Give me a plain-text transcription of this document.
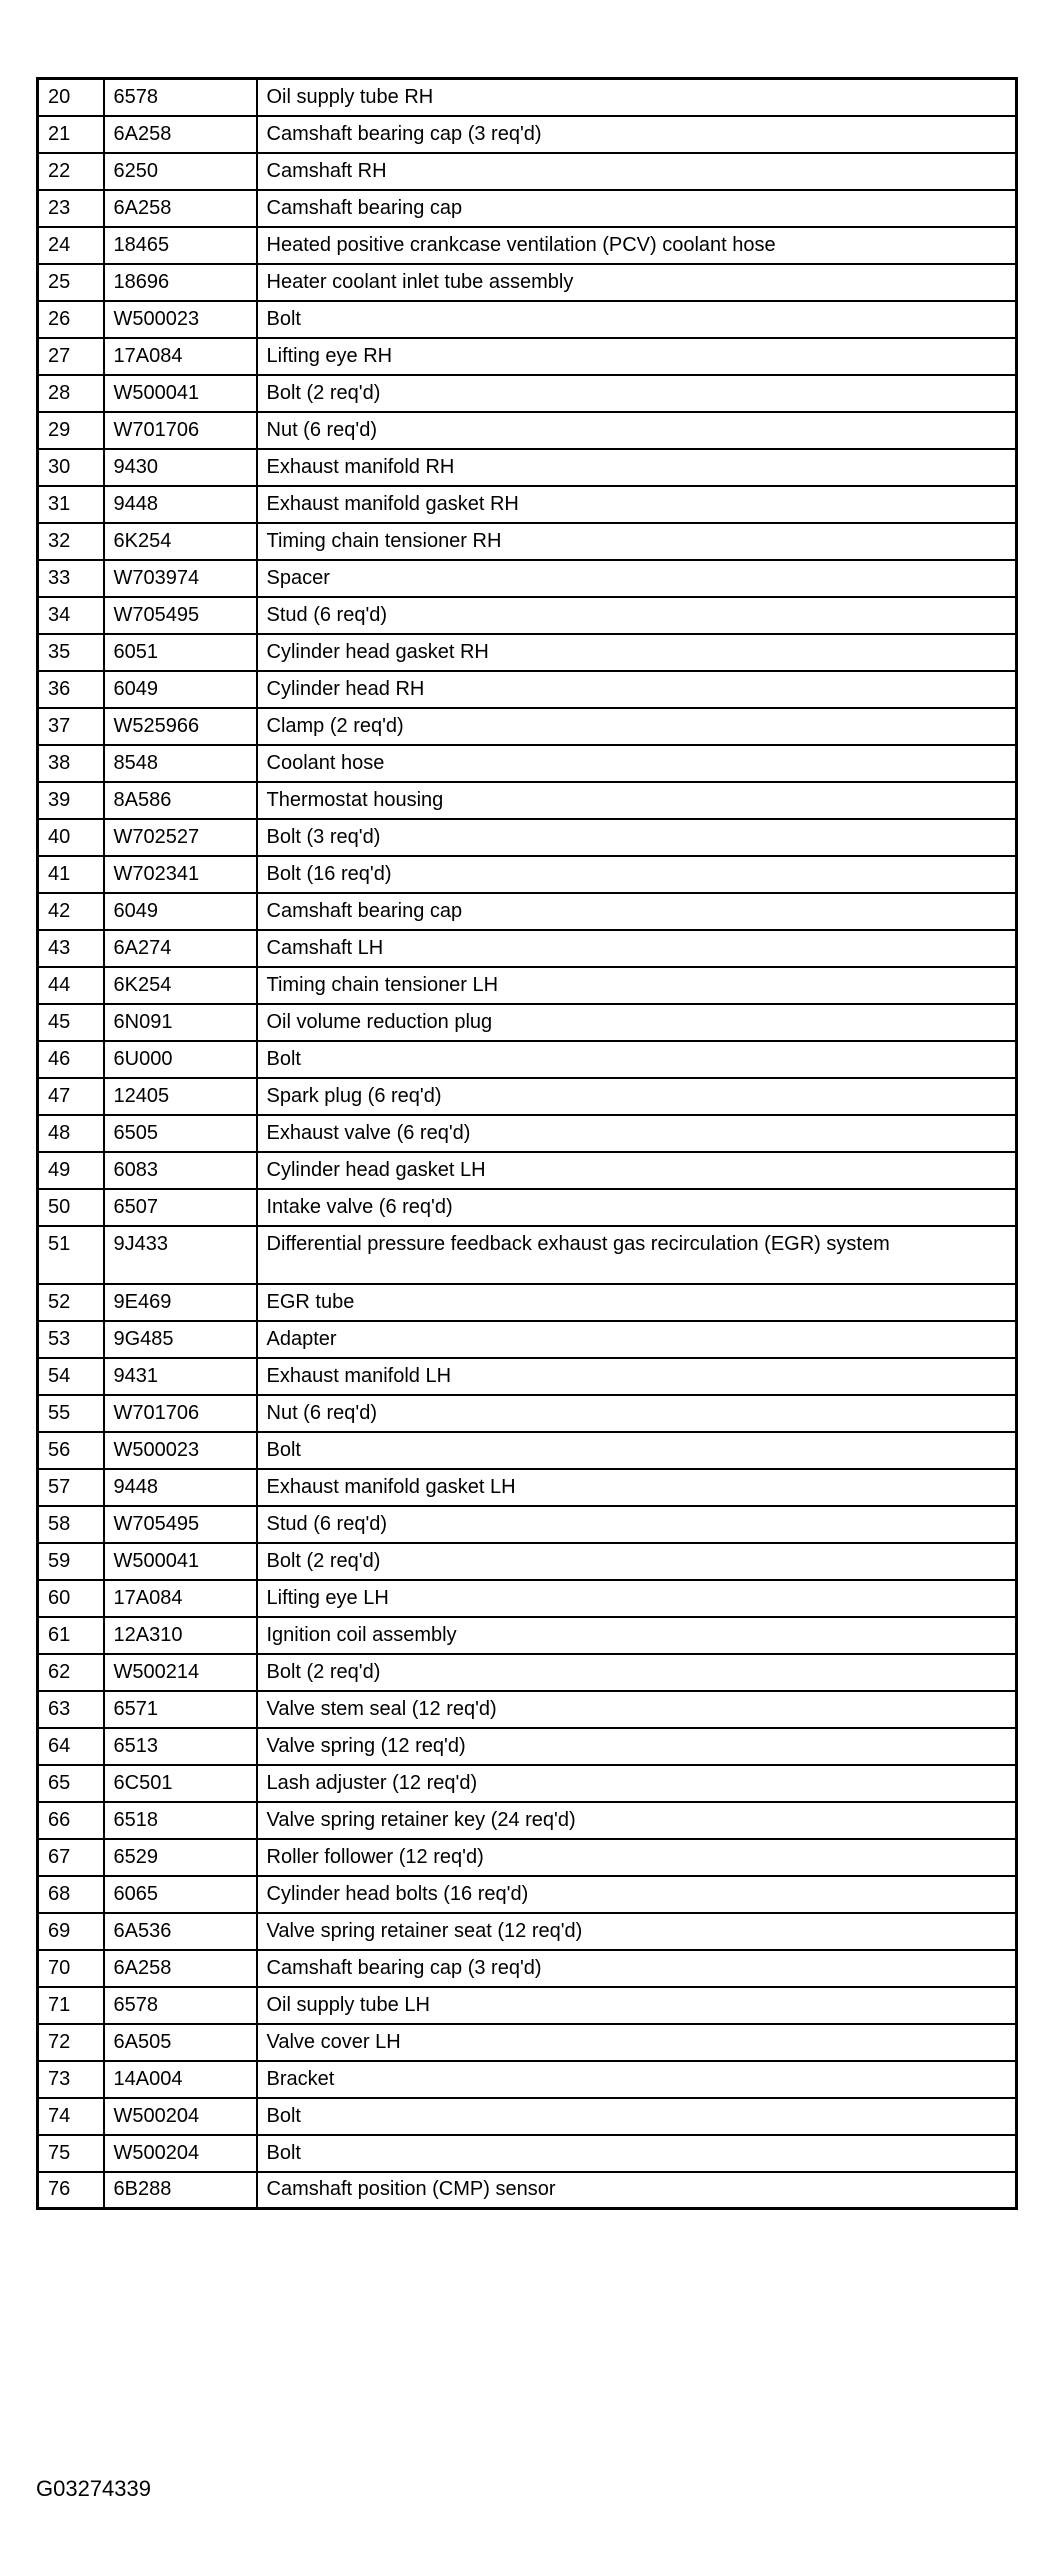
20	6578	Oil supply tube RH
21	6A258	Camshaft bearing cap (3 req'd)
22	6250	Camshaft RH
23	6A258	Camshaft bearing cap
24	18465	Heated positive crankcase ventilation (PCV) coolant hose
25	18696	Heater coolant inlet tube assembly
26	W500023	Bolt
27	17A084	Lifting eye RH
28	W500041	Bolt (2 req'd)
29	W701706	Nut (6 req'd)
30	9430	Exhaust manifold RH
31	9448	Exhaust manifold gasket RH
32	6K254	Timing chain tensioner RH
33	W703974	Spacer
34	W705495	Stud (6 req'd)
35	6051	Cylinder head gasket RH
36	6049	Cylinder head RH
37	W525966	Clamp (2 req'd)
38	8548	Coolant hose
39	8A586	Thermostat housing
40	W702527	Bolt (3 req'd)
41	W702341	Bolt (16 req'd)
42	6049	Camshaft bearing cap
43	6A274	Camshaft LH
44	6K254	Timing chain tensioner LH
45	6N091	Oil volume reduction plug
46	6U000	Bolt
47	12405	Spark plug (6 req'd)
48	6505	Exhaust valve (6 req'd)
49	6083	Cylinder head gasket LH
50	6507	Intake valve (6 req'd)
51	9J433	Differential pressure feedback exhaust gas recirculation (EGR) system
52	9E469	EGR tube
53	9G485	Adapter
54	9431	Exhaust manifold LH
55	W701706	Nut (6 req'd)
56	W500023	Bolt
57	9448	Exhaust manifold gasket LH
58	W705495	Stud (6 req'd)
59	W500041	Bolt (2 req'd)
60	17A084	Lifting eye LH
61	12A310	Ignition coil assembly
62	W500214	Bolt (2 req'd)
63	6571	Valve stem seal (12 req'd)
64	6513	Valve spring (12 req'd)
65	6C501	Lash adjuster (12 req'd)
66	6518	Valve spring retainer key (24 req'd)
67	6529	Roller follower (12 req'd)
68	6065	Cylinder head bolts (16 req'd)
69	6A536	Valve spring retainer seat (12 req'd)
70	6A258	Camshaft bearing cap (3 req'd)
71	6578	Oil supply tube LH
72	6A505	Valve cover LH
73	14A004	Bracket
74	W500204	Bolt
75	W500204	Bolt
76	6B288	Camshaft position (CMP) sensor
G03274339
